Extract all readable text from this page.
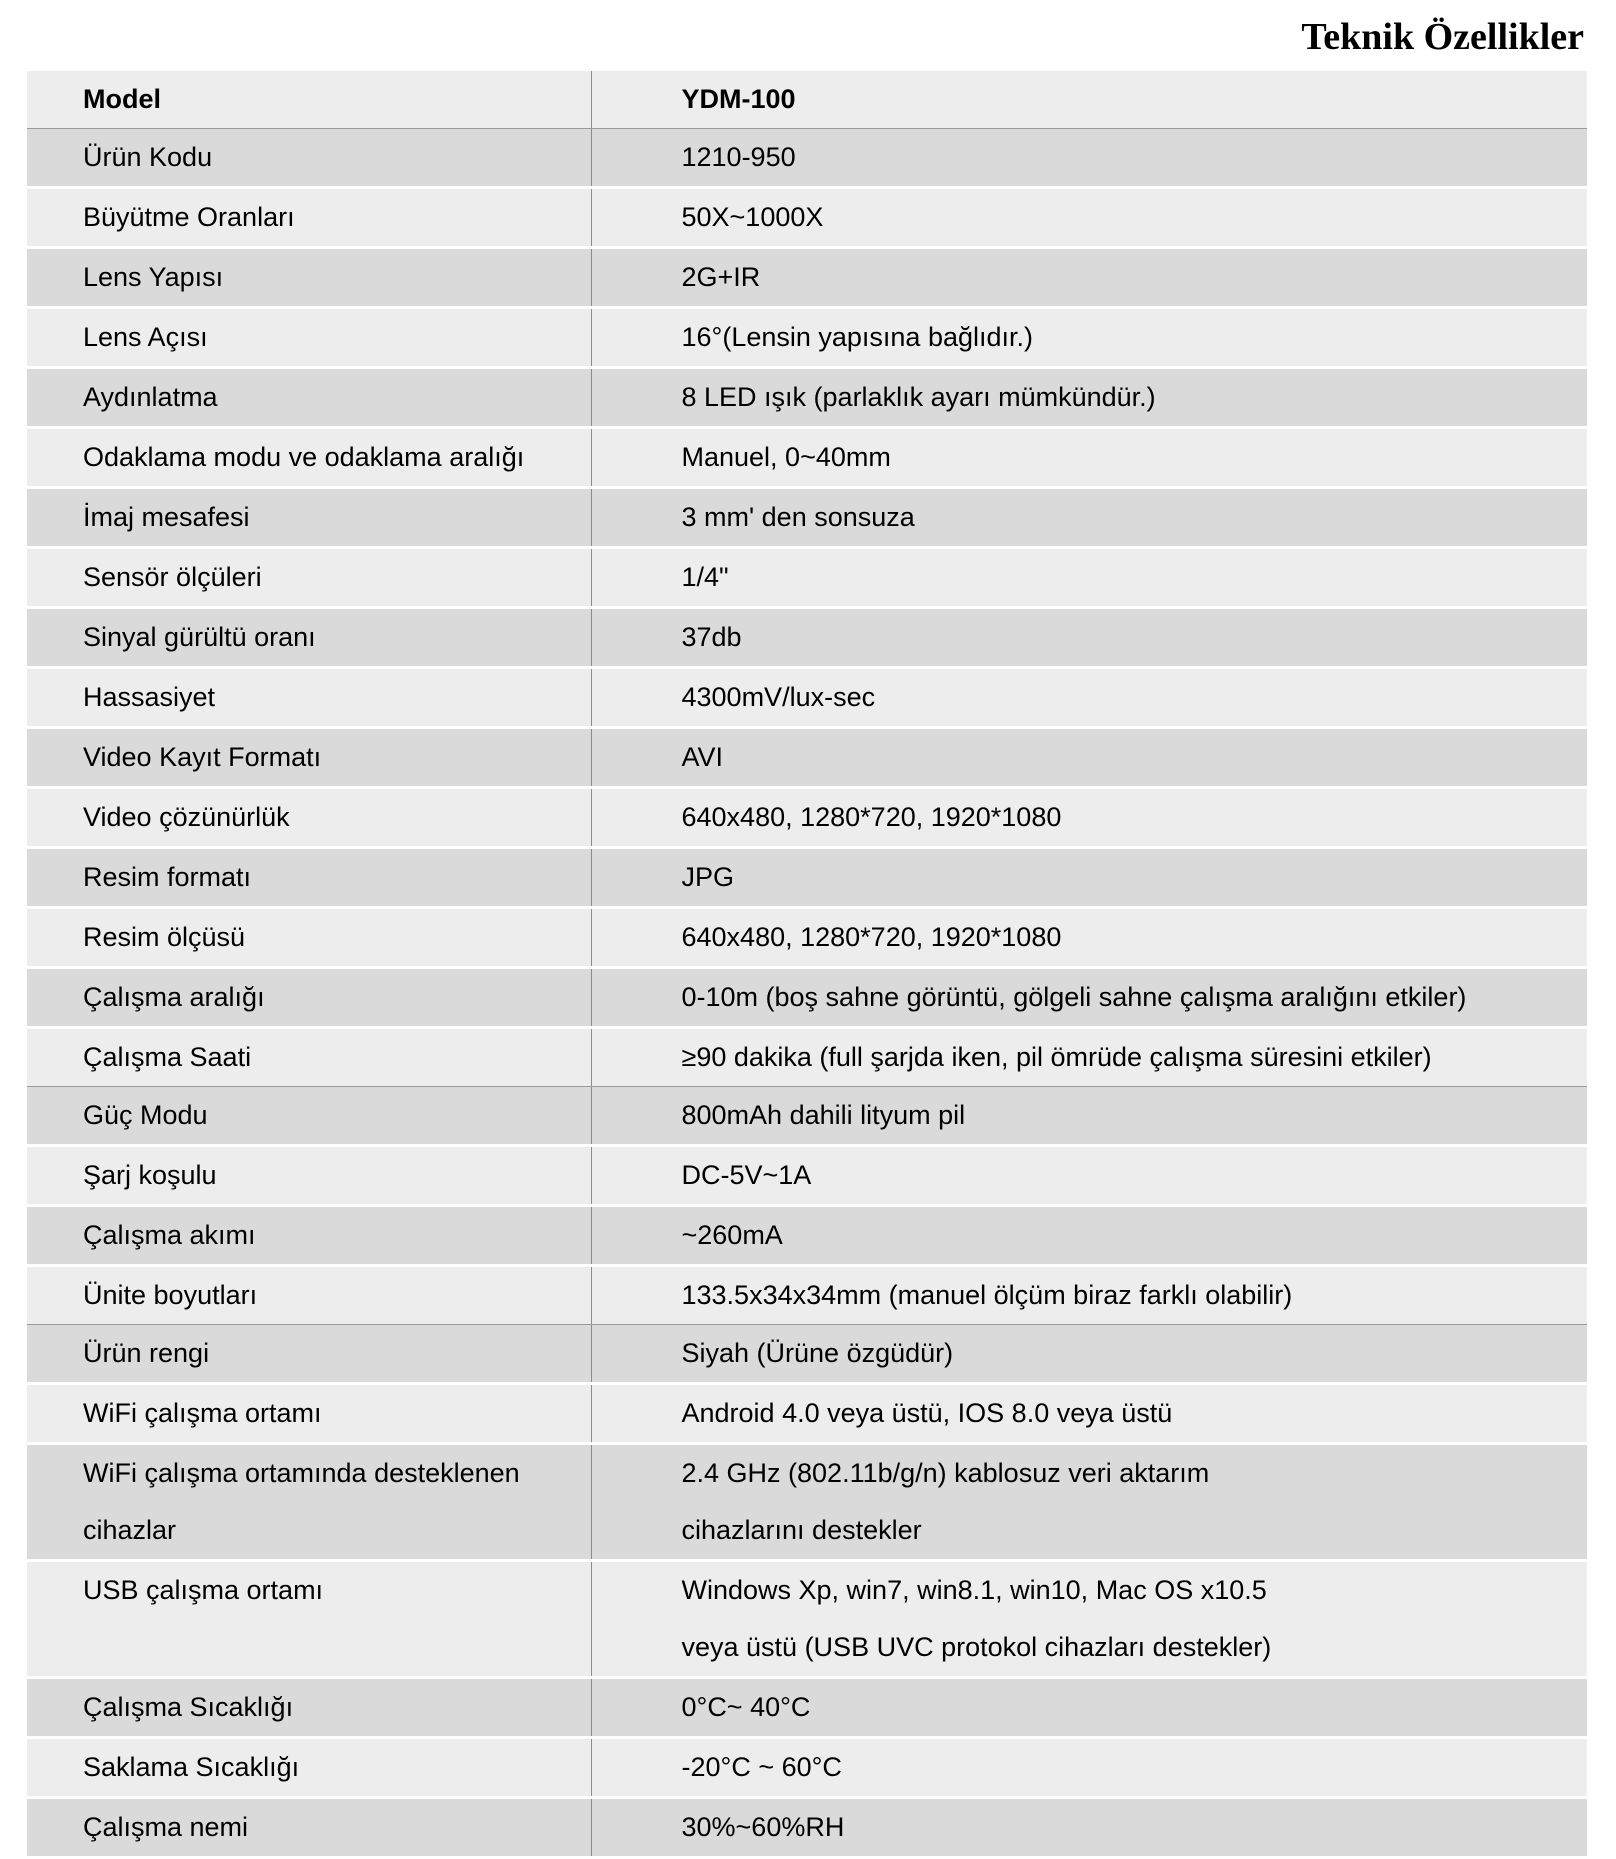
Teknik Özellikler
Model	YDM-100

Ürün Kodu	1210-950

Büyütme Oranları	50X~1000X

Lens Yapısı	2G+IR

Lens Açısı	16°(Lensin yapısına bağlıdır.)

Aydınlatma	8 LED ışık (parlaklık ayarı mümkündür.)

Odaklama modu ve odaklama aralığı	Manuel, 0~40mm

İmaj mesafesi	3 mm' den sonsuza

Sensör ölçüleri	1/4"

Sinyal gürültü oranı	37db

Hassasiyet	4300mV/lux-sec

Video Kayıt Formatı	AVI

Video çözünürlük	640x480, 1280*720, 1920*1080

Resim formatı	JPG

Resim ölçüsü	640x480, 1280*720, 1920*1080

Çalışma aralığı	0-10m (boş sahne görüntü, gölgeli sahne çalışma aralığını etkiler)

Çalışma Saati	≥90 dakika (full şarjda iken, pil ömrüde çalışma süresini etkiler)

Güç Modu	800mAh dahili lityum pil

Şarj koşulu	DC-5V~1A

Çalışma akımı	~260mA

Ünite boyutları	133.5x34x34mm (manuel ölçüm biraz farklı olabilir)

Ürün rengi	Siyah (Ürüne özgüdür)

WiFi çalışma ortamı	Android 4.0 veya üstü, IOS 8.0 veya üstü

WiFi çalışma ortamında desteklenen
cihazlar	2.4 GHz (802.11b/g/n) kablosuz veri aktarım
cihazlarını destekler

USB çalışma ortamı	Windows Xp, win7, win8.1, win10, Mac OS x10.5
veya üstü (USB UVC protokol cihazları destekler)

Çalışma Sıcaklığı	0°C~ 40°C

Saklama Sıcaklığı	-20°C ~ 60°C

Çalışma nemi	30%~60%RH
